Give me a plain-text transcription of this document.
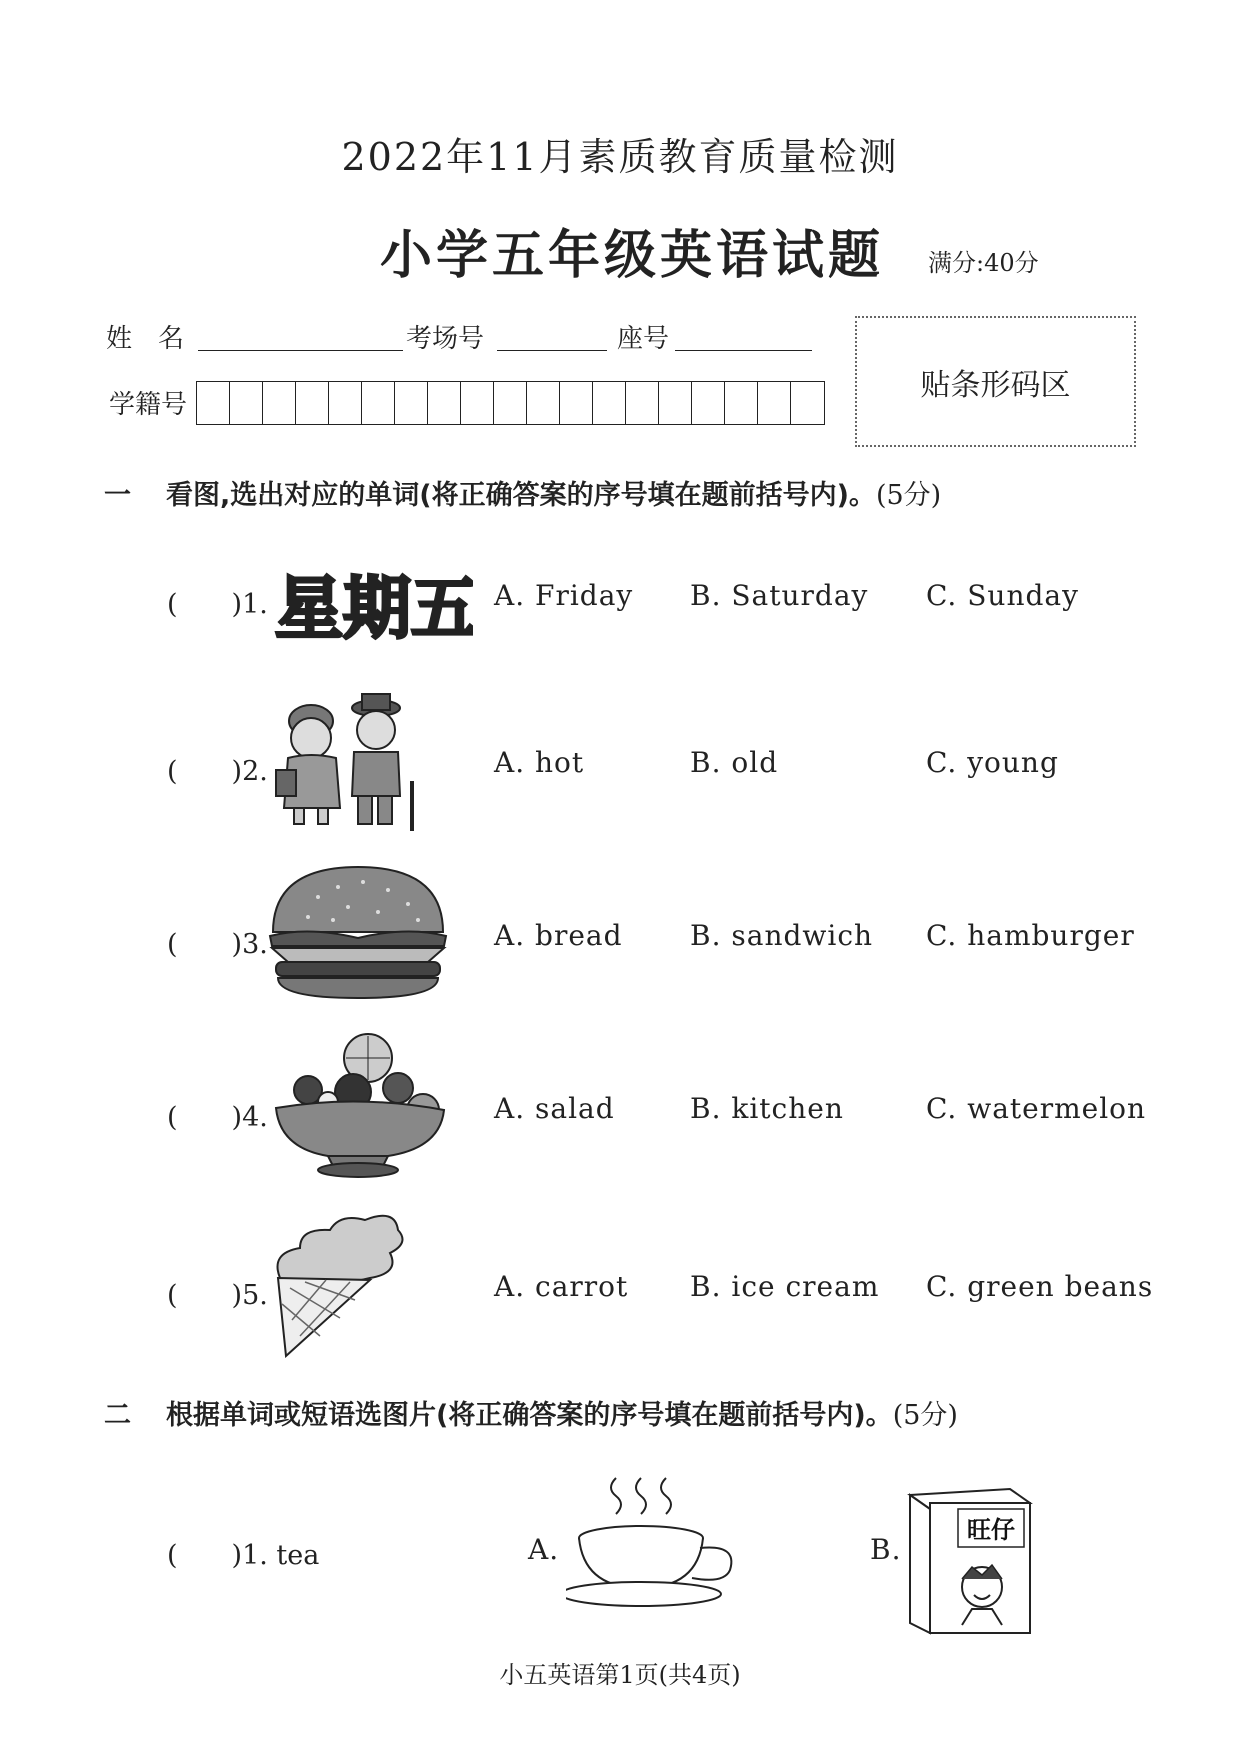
2022年11月素质教育质量检测
小学五年级英语试题 满分:40分
姓　名	考场号	座号
学籍号
贴条形码区
一 看图,选出对应的单词(将正确答案的序号填在题前括号内)。(5分)
(　　)1. 星期五 A. Friday B. Saturday C. Sunday
(　　)2.	A. hot	B. old	C. young
(　　)3.	A. bread B. sandwich C. hamburger
(　　)4.	A. salad	B. kitchen	C. watermelon
(　　)5.	A. carrot B. ice cream C. green beans
二 根据单词或短语选图片(将正确答案的序号填在题前括号内)。(5分)
(　　)1. tea	A.	B.
旺仔
小五英语第1页(共4页)
